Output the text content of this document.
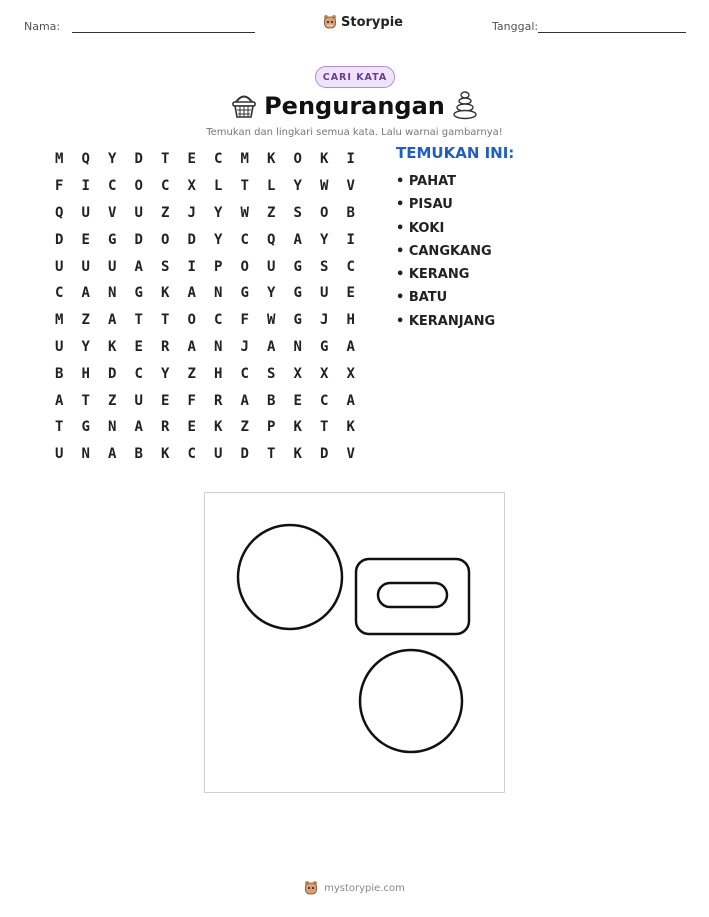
Nama:	Storypie	Tanggal:
CARI KATA
Pengurangan
Temukan dan lingkari semua kata. Lalu warnai gambarnya!
M	Q	Y	D	T	E	C	M	K	O	K	I
F	I	C	O	C	X	L	T	L	Y	W	V
Q	U	V	U	Z	J	Y	W	Z	S	O	B
D	E	G	D	O	D	Y	C	Q	A	Y	I
U	U	U	A	S	I	P	O	U	G	S	C
C	A	N	G	K	A	N	G	Y	G	U	E
M	Z	A	T	T	O	C	F	W	G	J	H
U	Y	K	E	R	A	N	J	A	N	G	A
B	H	D	C	Y	Z	H	C	S	X	X	X
A	T	Z	U	E	F	R	A	B	E	C	A
T	G	N	A	R	E	K	Z	P	K	T	K
U	N	A	B	K	C	U	D	T	K	D	V
TEMUKAN INI:
• PAHAT
• PISAU
• KOKI
• CANGKANG
• KERANG
• BATU
• KERANJANG
mystorypie.com
